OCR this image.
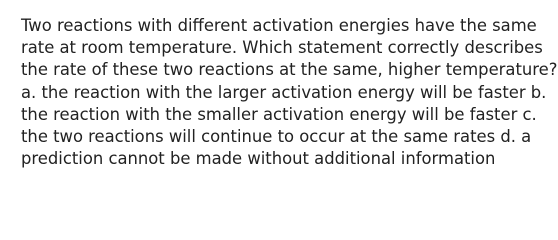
Two reactions with different activation energies have the same
rate at room temperature. Which statement correctly describes
the rate of these two reactions at the same, higher temperature?
a. the reaction with the larger activation energy will be faster b.
the reaction with the smaller activation energy will be faster c.
the two reactions will continue to occur at the same rates d. a
prediction cannot be made without additional information
